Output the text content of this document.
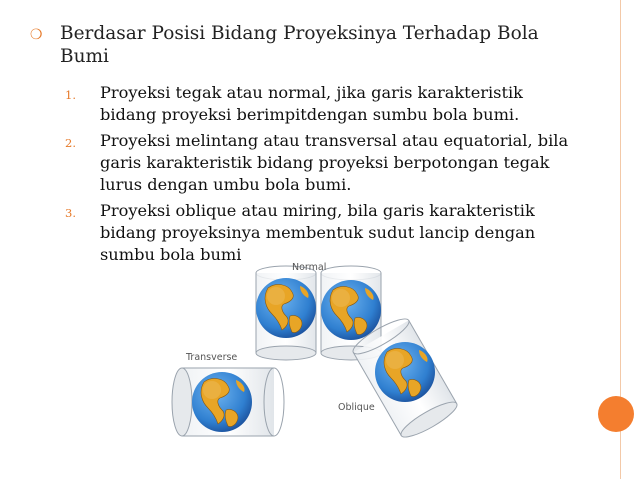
❍ Berdasar Posisi Bidang Proyeksinya Terhadap Bola Bumi
1. Proyeksi tegak atau normal, jika garis karakteristik bidang proyeksi berimpitdengan sumbu bola bumi.
2. Proyeksi melintang atau transversal atau equatorial, bila garis karakteristik bidang proyeksi berpotongan tegak lurus dengan umbu bola bumi.
3. Proyeksi oblique atau miring, bila garis karakteristik bidang proyeksinya membentuk sudut lancip dengan sumbu bola bumi
Normal
Transverse
Oblique
